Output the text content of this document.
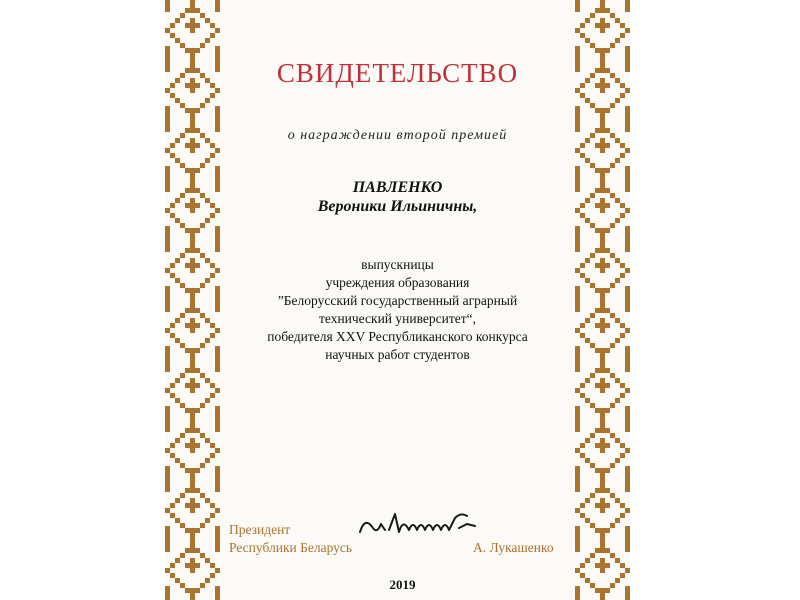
СВИДЕТЕЛЬСТВО
о награждении второй премией
ПАВЛЕНКО
Вероники Ильиничны,
выпускницы
учреждения образования
”Белорусский государственный аграрный
технический университет“,
победителя XXV Республиканского конкурса
научных работ студентов
Президент
Республики Беларусь	А. Лукашенко
2019
